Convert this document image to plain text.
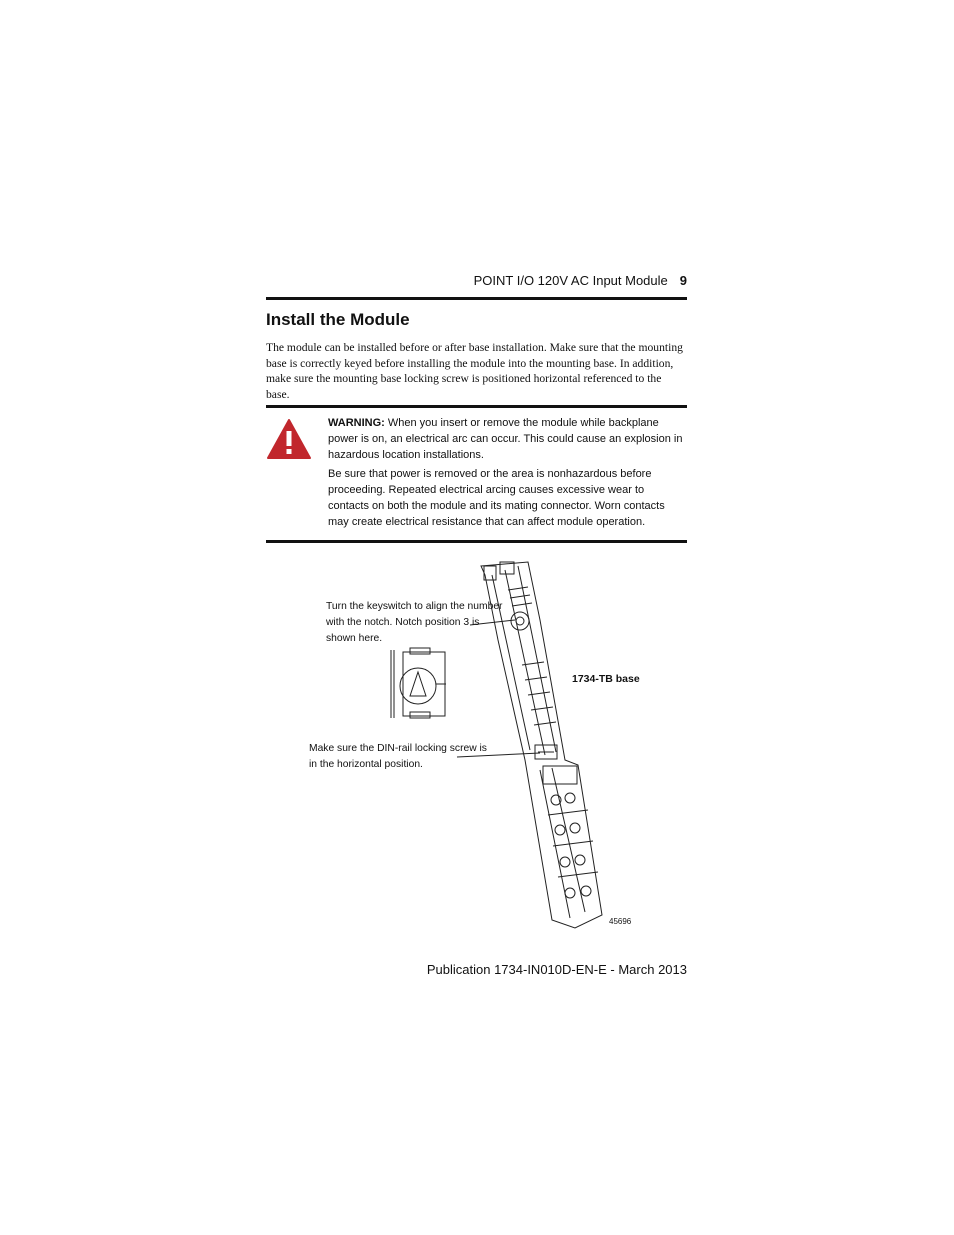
POINT I/O 120V AC Input Module 9
Install the Module

The module can be installed before or after base installation. Make sure that the mounting base is correctly keyed before installing the module into the mounting base. In addition, make sure the mounting base locking screw is positioned horizontal referenced to the base.

WARNING: When you insert or remove the module while backplane power is on, an electrical arc can occur. This could cause an explosion in hazardous location installations.

Be sure that power is removed or the area is nonhazardous before proceeding. Repeated electrical arcing causes excessive wear to contacts on both the module and its mating connector. Worn contacts may create electrical resistance that can affect module operation.

Turn the keyswitch to align the number with the notch. Notch position 3 is shown here.
Make sure the DIN-rail locking screw is in the horizontal position.
1734-TB base
45696
Publication 1734-IN010D-EN-E - March 2013
